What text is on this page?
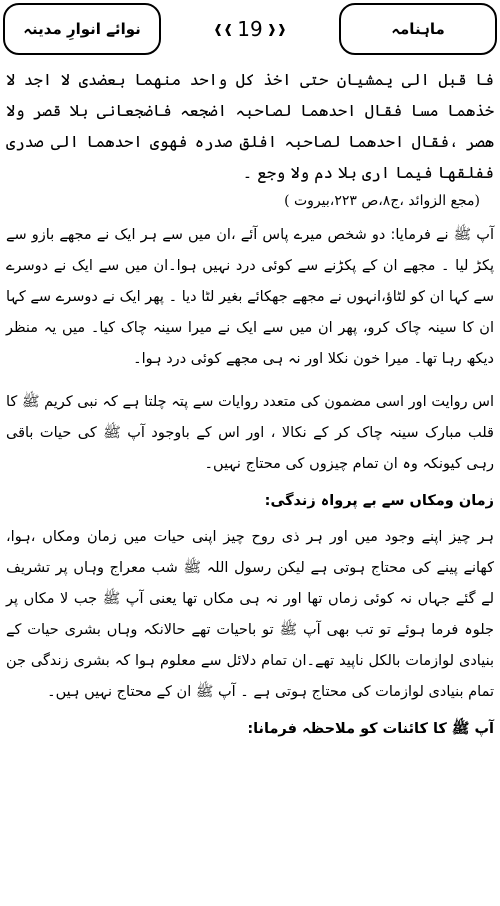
ماہنامہ
❰❰ 19 ❱❱
نوائے انوارِ مدینہ

فا قبل الی یمشیان حتی اخذ کل واحد منھما بعضدی لا اجد لا خذھما مسا فقال احدھما لصاحبہ اضجعہ فاضجعانی بلا قصر ولا ھصر ،فقال احدھما لصاحبہ افلق صدرہ فھوی احدھما الی صدری ففلقھا فیما اری بلا دم ولا وجع ۔

(مجع الزوائد ،ج۸،ص ۲۲۳،بیروت )

آپ ﷺ نے فرمایا: دو شخص میرے پاس آئے ،ان میں سے ہر ایک نے مجھے بازو سے پکڑ لیا ۔ مجھے ان کے پکڑنے سے کوئی درد نہیں ہوا۔ان میں سے ایک نے دوسرے سے کہا ان کو لٹاؤ،انہوں نے مجھے جھکائے بغیر لٹا دیا ۔ پھر ایک نے دوسرے سے کہا ان کا سینہ چاک کرو، پھر ان میں سے ایک نے میرا سینہ چاک کیا۔ میں یہ منظر دیکھ رہا تھا۔ میرا خون نکلا اور نہ ہی مجھے کوئی درد ہوا۔

اس روایت اور اسی مضمون کی متعدد روایات سے پتہ چلتا ہے کہ نبی کریم ﷺ کا قلب مبارک سینہ چاک کر کے نکالا ، اور اس کے باوجود آپ ﷺ کی حیات باقی رہی کیونکہ وہ ان تمام چیزوں کی محتاج نہیں۔

زمان ومکاں سے بے پرواہ زندگی:

ہر چیز اپنے وجود میں اور ہر ذی روح چیز اپنی حیات میں زمان ومکاں ،ہوا، کھانے پینے کی محتاج ہوتی ہے لیکن رسول اللہ ﷺ شب معراج وہاں پر تشریف لے گئے جہاں نہ کوئی زماں تھا اور نہ ہی مکاں تھا یعنی آپ ﷺ جب لا مکاں پر جلوہ فرما ہوئے تو تب بھی آپ ﷺ تو باحیات تھے حالانکہ وہاں بشری حیات کے بنیادی لوازمات بالکل ناپید تھے۔ان تمام دلائل سے معلوم ہوا کہ بشری زندگی جن تمام بنیادی لوازمات کی محتاج ہوتی ہے ۔ آپ ﷺ ان کے محتاج نہیں ہیں۔

آپ ﷺ کا کائنات کو ملاحظہ فرمانا:
